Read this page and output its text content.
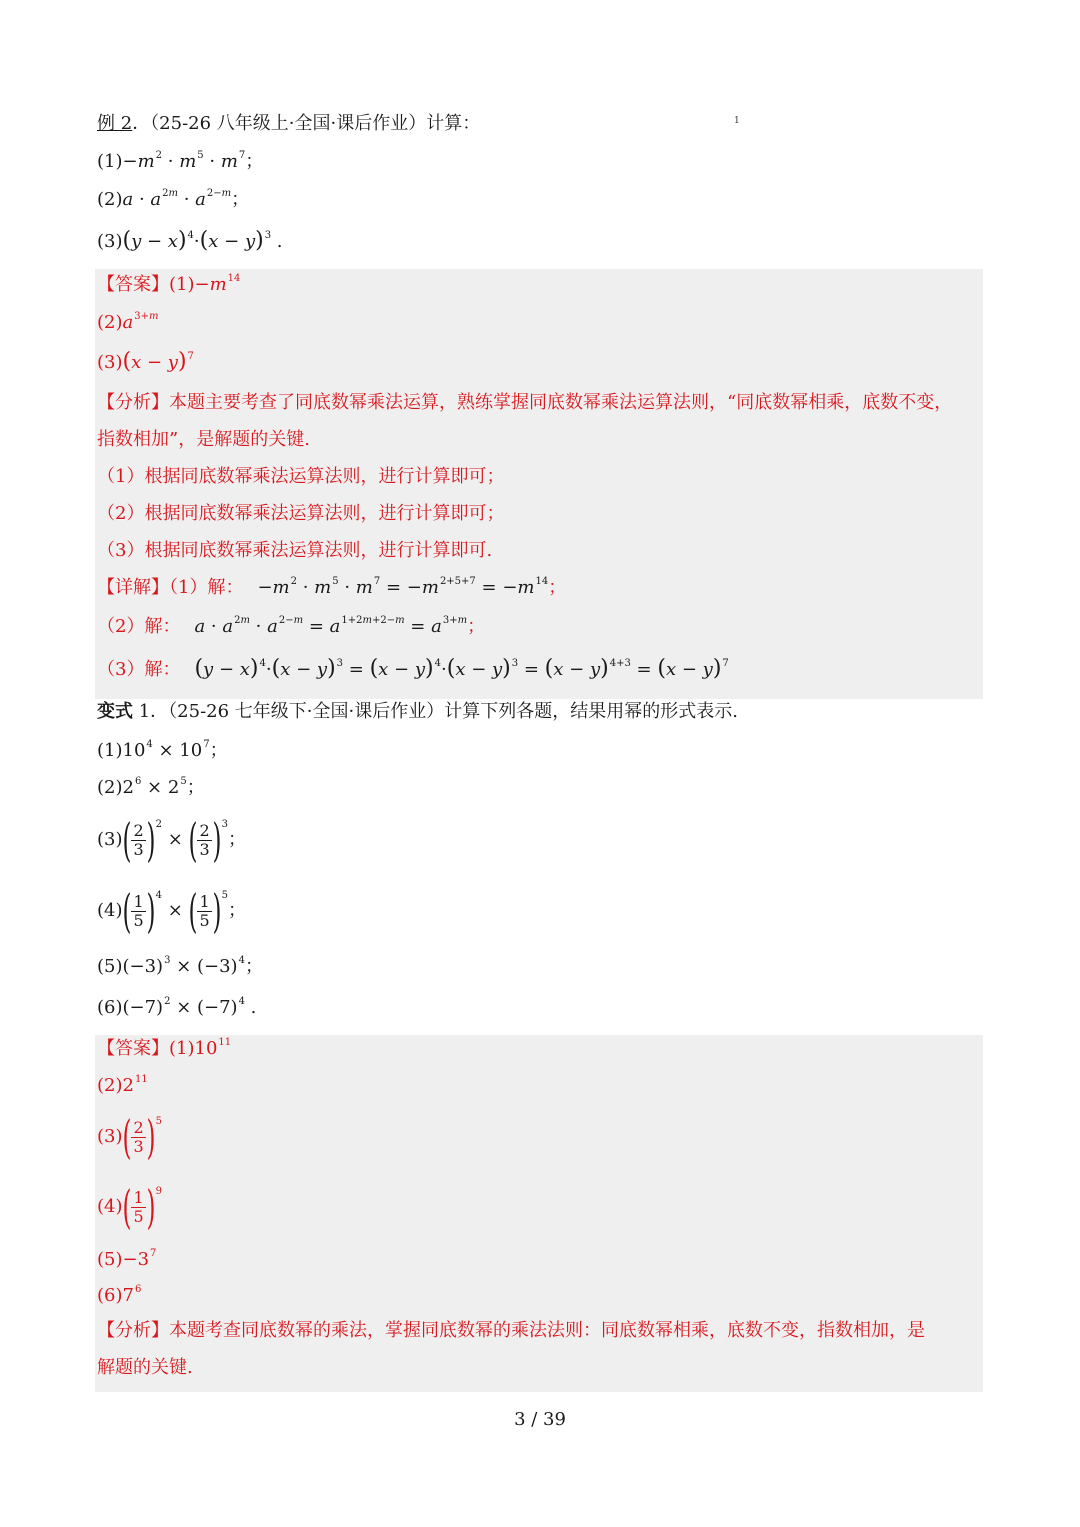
1
例 2．（25-26 八年级上·全国·课后作业）计算：
$(1)-m^2 \cdot m^5 \cdot m^7$；
$(2)a \cdot a^{2m} \cdot a^{2-m}$；
$(3)(y - x)^4\cdot(x - y)^3$ .
【答案】$(1)-m^{14}$
$(2)a^{3+m}$
$(3)(x - y)^7$
【分析】本题主要考查了同底数幂乘法运算，熟练掌握同底数幂乘法运算法则，“同底数幂相乘，底数不变，
指数相加”，是解题的关键.
（1）根据同底数幂乘法运算法则，进行计算即可；
（2）根据同底数幂乘法运算法则，进行计算即可；
（3）根据同底数幂乘法运算法则，进行计算即可.
【详解】（1）解： $-m^2 \cdot m^5 \cdot m^7 = -m^{2+5+7} = -m^{14}$；
（2）解： $a \cdot a^{2m} \cdot a^{2-m} = a^{1+2m+2-m} = a^{3+m}$；
（3）解： $(y - x)^4\cdot(x - y)^3 = (x - y)^4\cdot(x - y)^3 = (x - y)^{4+3} = (x - y)^7$
变式 1．（25-26 七年级下·全国·课后作业）计算下列各题，结果用幂的形式表示.
$(1)10^4 \times 10^7$；
$(2)2^6 \times 2^5$；
$(3)( \frac{2}{3} )^2$ × ( $\frac{2}{3} )^3$；
$(4)( \frac{1}{5} )^4$ × ( $\frac{1}{5} )^5$；
$(5)(-3)^3 \times (-3)^4$；
$(6)(-7)^2 \times (-7)^4$ .
【答案】$(1)10^{11}$
$(2)2^{11}$
$(3)( \frac{2}{3} )^5$
$(4)( \frac{1}{5} )^9$
$(5)-3^7$
$(6)7^6$
【分析】本题考查同底数幂的乘法，掌握同底数幂的乘法法则：同底数幂相乘，底数不变，指数相加，是
解题的关键.
3 / 39
